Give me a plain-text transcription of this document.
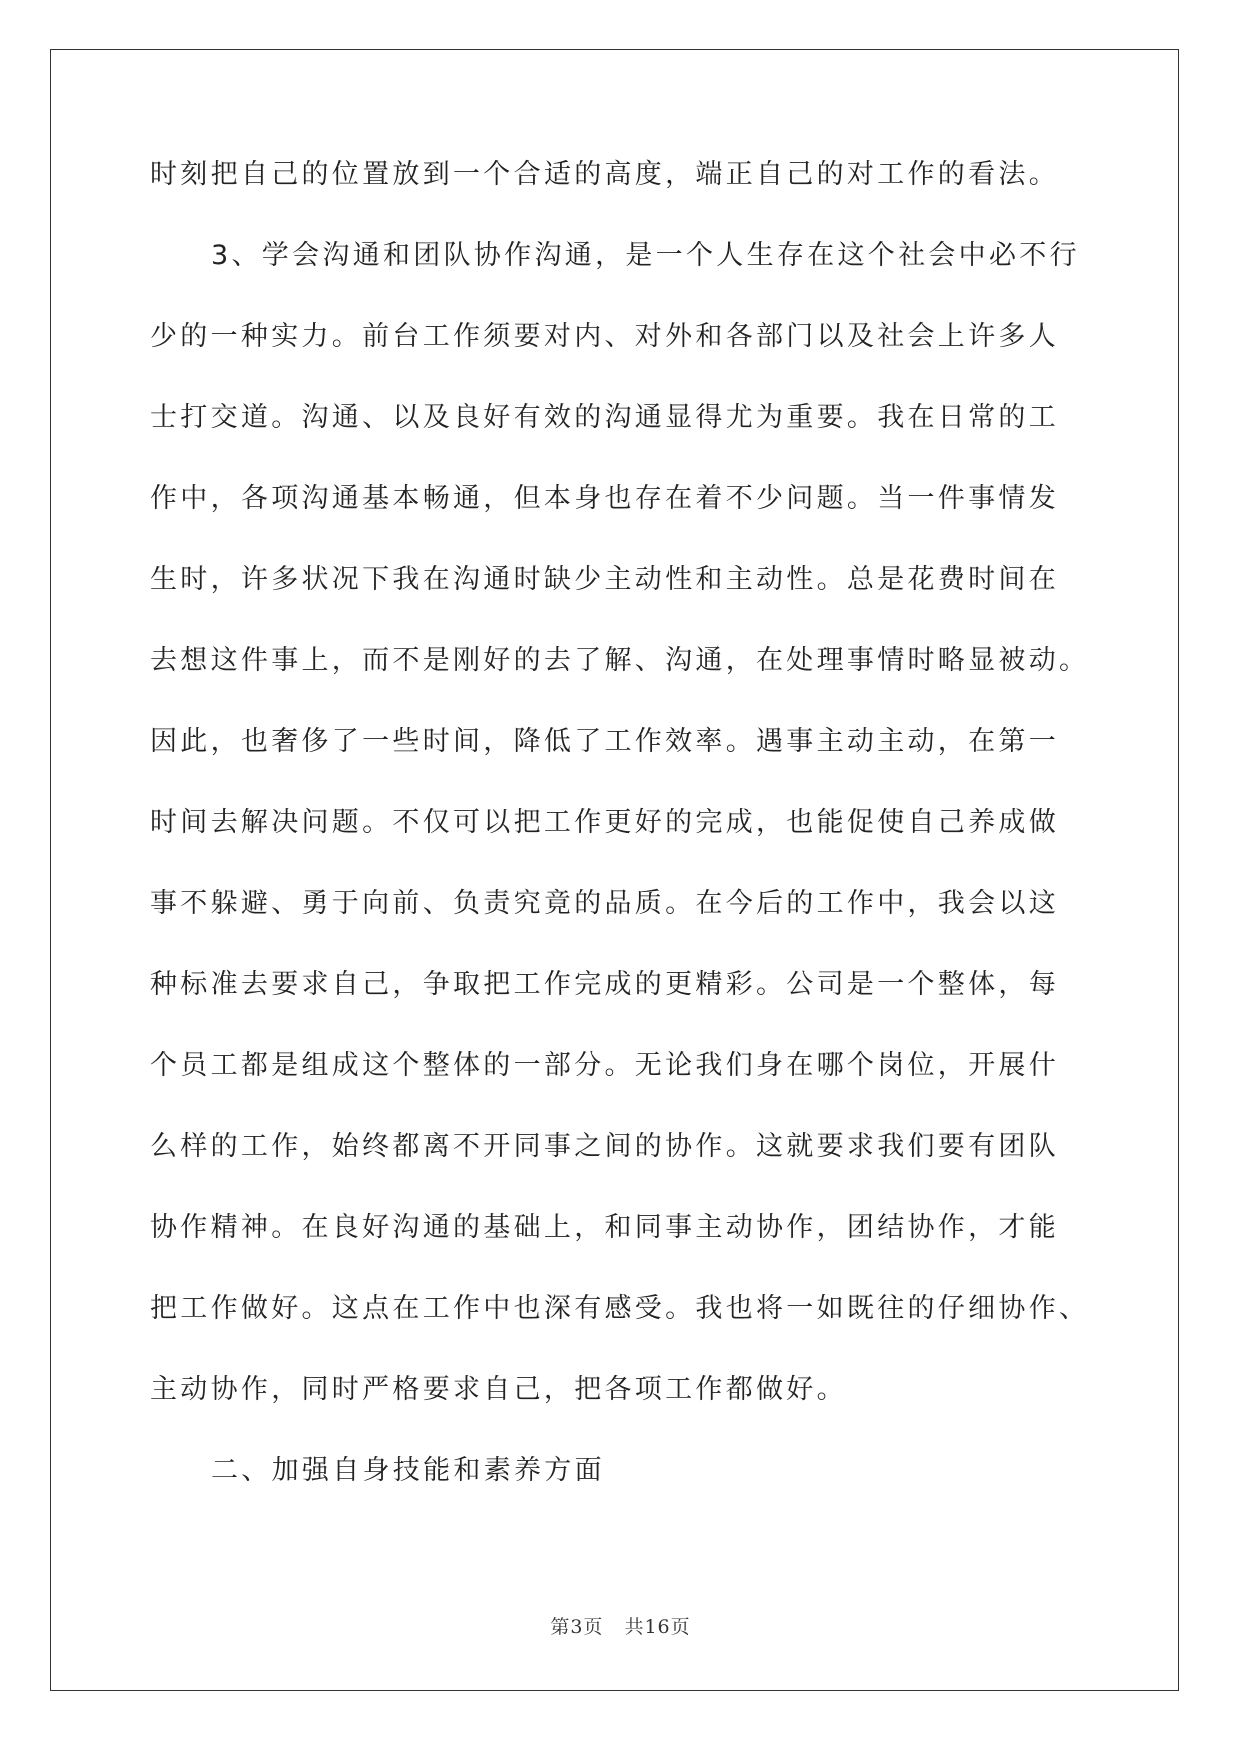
时刻把自己的位置放到一个合适的高度，端正自己的对工作的看法。
3、学会沟通和团队协作沟通，是一个人生存在这个社会中必不行
少的一种实力。前台工作须要对内、对外和各部门以及社会上许多人
士打交道。沟通、以及良好有效的沟通显得尤为重要。我在日常的工
作中，各项沟通基本畅通，但本身也存在着不少问题。当一件事情发
生时，许多状况下我在沟通时缺少主动性和主动性。总是花费时间在
去想这件事上，而不是刚好的去了解、沟通，在处理事情时略显被动。
因此，也奢侈了一些时间，降低了工作效率。遇事主动主动，在第一
时间去解决问题。不仅可以把工作更好的完成，也能促使自己养成做
事不躲避、勇于向前、负责究竟的品质。在今后的工作中，我会以这
种标准去要求自己，争取把工作完成的更精彩。公司是一个整体，每
个员工都是组成这个整体的一部分。无论我们身在哪个岗位，开展什
么样的工作，始终都离不开同事之间的协作。这就要求我们要有团队
协作精神。在良好沟通的基础上，和同事主动协作，团结协作，才能
把工作做好。这点在工作中也深有感受。我也将一如既往的仔细协作、
主动协作，同时严格要求自己，把各项工作都做好。
二、加强自身技能和素养方面
第3页 共16页
